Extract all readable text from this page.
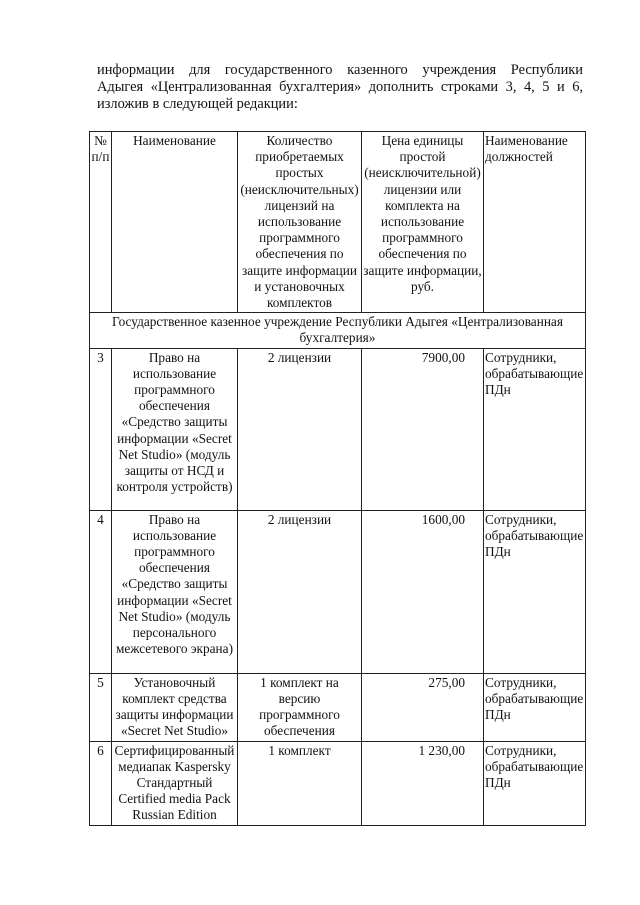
информации для государственного казенного учреждения Республики
Адыгея «Централизованная бухгалтерия» дополнить строками 3, 4, 5 и 6,
изложив в следующей редакции:
№ п/п	Наименование	Количество приобретаемых простых (неисключительных) лицензий на использование программного обеспечения по защите информации и установочных комплектов	Цена единицы простой (неисключительной) лицензии или комплекта на использование программного обеспечения по защите информации, руб.	Наименование должностей
Государственное казенное учреждение Республики Адыгея «Централизованная бухгалтерия»				
3	Право на использование программного обеспечения «Средство защиты информации «Secret Net Studio» (модуль защиты от НСД и контроля устройств)	2 лицензии	7900,00	Сотрудники, обрабатывающие ПДн
4	Право на использование программного обеспечения «Средство защиты информации «Secret Net Studio» (модуль персонального межсетевого экрана)	2 лицензии	1600,00	Сотрудники, обрабатывающие ПДн
5	Установочный комплект средства защиты информации «Secret Net Studio»	1 комплект на версию программного обеспечения	275,00	Сотрудники, обрабатывающие ПДн
6	Сертифицированный медиапак Kaspersky Стандартный Certified media Pack Russian Edition	1 комплект	1 230,00	Сотрудники, обрабатывающие ПДн
